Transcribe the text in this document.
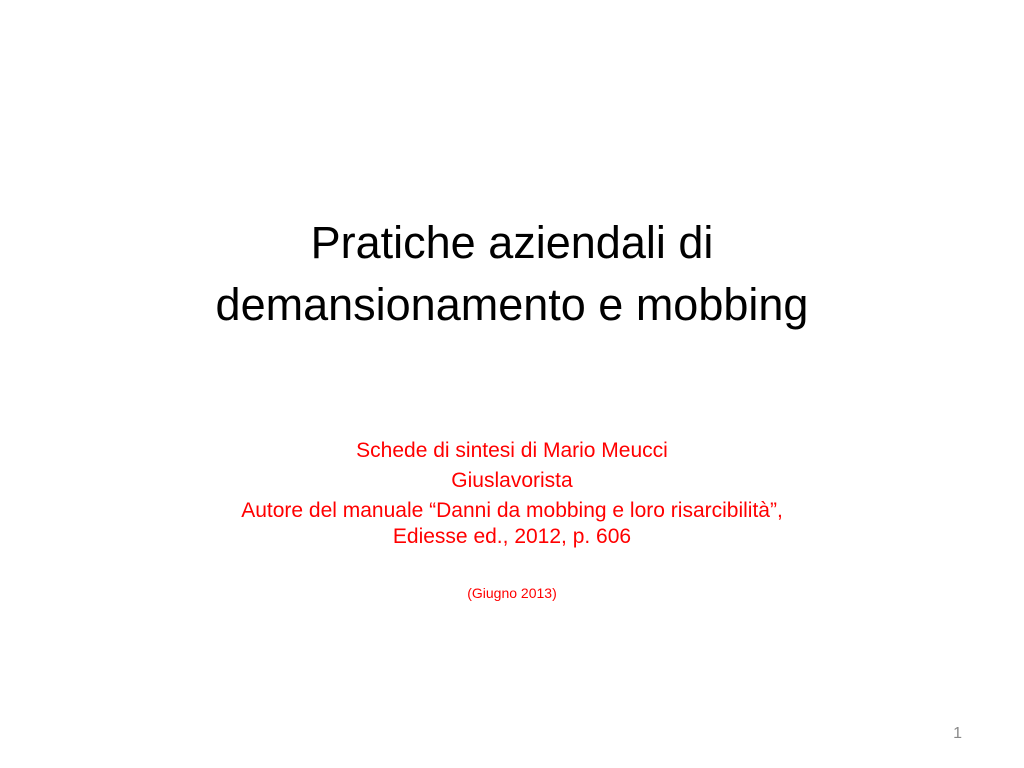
Pratiche aziendali di
demansionamento e mobbing
Schede di sintesi di Mario Meucci
Giuslavorista
Autore del manuale “Danni da mobbing e loro risarcibilità”,
Ediesse ed., 2012, p. 606
(Giugno 2013)
1
